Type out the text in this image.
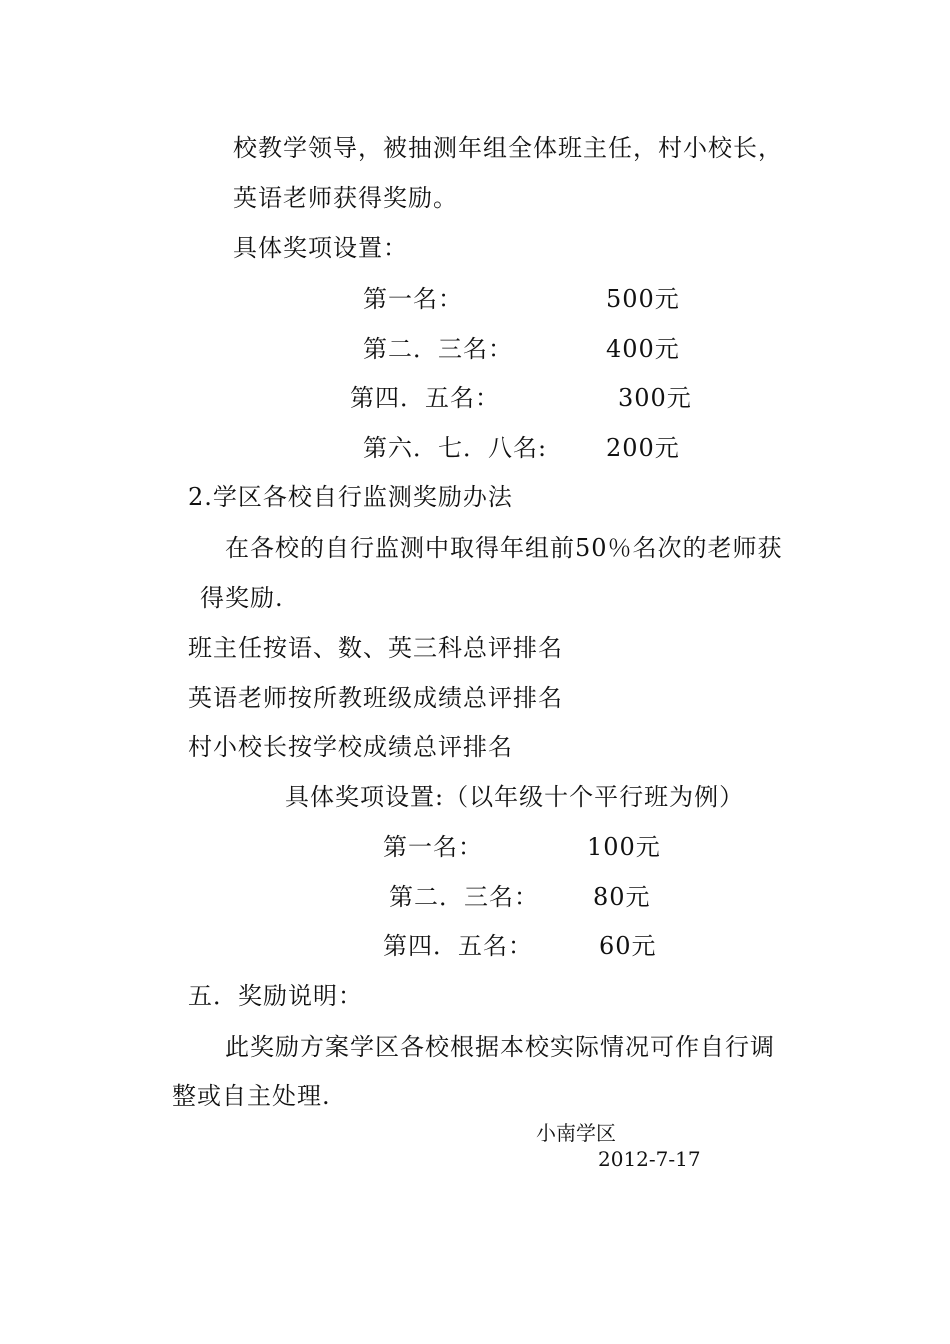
校教学领导，被抽测年组全体班主任，村小校长，
英语老师获得奖励。
具体奖项设置：
第一名：	500元
第二．三名：	400元
第四．五名：	300元
第六．七．八名: 200元
2.学区各校自行监测奖励办法
在各校的自行监测中取得年组前50％名次的老师获
得奖励.
班主任按语、数、英三科总评排名
英语老师按所教班级成绩总评排名
村小校长按学校成绩总评排名
具体奖项设置:（以年级十个平行班为例）
第一名：	100元
第二．三名： 80元
第四．五名：	60元
五．奖励说明：
此奖励方案学区各校根据本校实际情况可作自行调
整或自主处理.
小南学区
2012-7-17
